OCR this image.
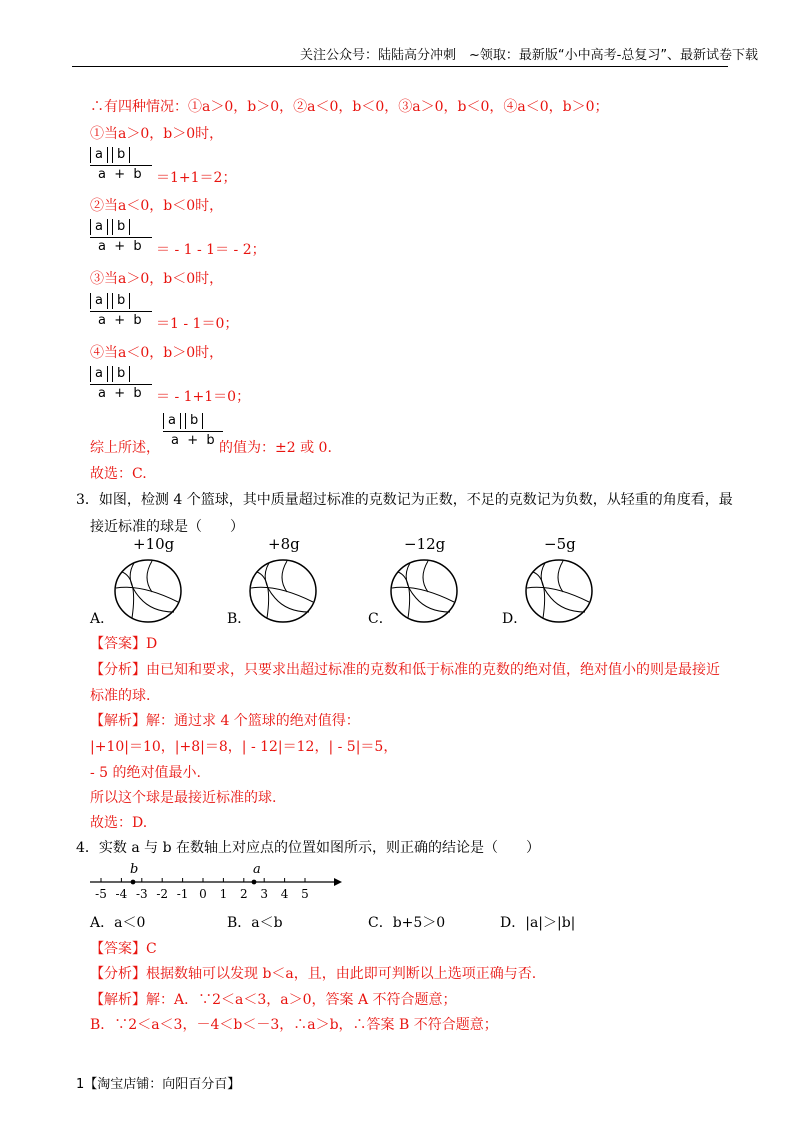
关注公众号：陆陆高分冲刺　~领取：最新版“小中高考-总复习”、最新试卷下载
∴有四种情况：①a＞0，b＞0，②a＜0，b＜0，③a＞0，b＜0，④a＜0，b＞0；
①当a＞0，b＞0时，
a b
a + b ＝1+1＝2；
②当a＜0，b＜0时，
a b
a + b ＝ - 1 - 1＝ - 2；
③当a＞0，b＜0时，
a b
a + b ＝1 - 1＝0；
④当a＜0，b＞0时，
a b
a + b ＝ - 1+1＝0；
综上所述，
a b
a + b 的值为：±2 或 0.
故选：C.
3．如图，检测 4 个篮球，其中质量超过标准的克数记为正数，不足的克数记为负数，从轻重的角度看，最
接近标准的球是（　　）
+10g	+8g	−12g	−5g
A．	B．	C．	D．
【答案】D
【分析】由已知和要求，只要求出超过标准的克数和低于标准的克数的绝对值，绝对值小的则是最接近
标准的球.
【解析】解：通过求 4 个篮球的绝对值得：
|+10|＝10，|+8|＝8，| - 12|＝12，| - 5|＝5，
- 5 的绝对值最小.
所以这个球是最接近标准的球.
故选：D.
4．实数 a 与 b 在数轴上对应点的位置如图所示，则正确的结论是（　　）
-5 -4 -3 -2 -1 0 1 2 3 4 5
b	a
A．a＜0	B．a＜b	C．b+5＞0	D．|a|＞|b|
【答案】C
【分析】根据数轴可以发现 b＜a，且，由此即可判断以上选项正确与否.
【解析】解：A．∵2＜a＜3，a＞0，答案 A 不符合题意；
B．∵2＜a＜3，－4＜b＜－3，∴a＞b，∴答案 B 不符合题意；
1【淘宝店铺：向阳百分百】
